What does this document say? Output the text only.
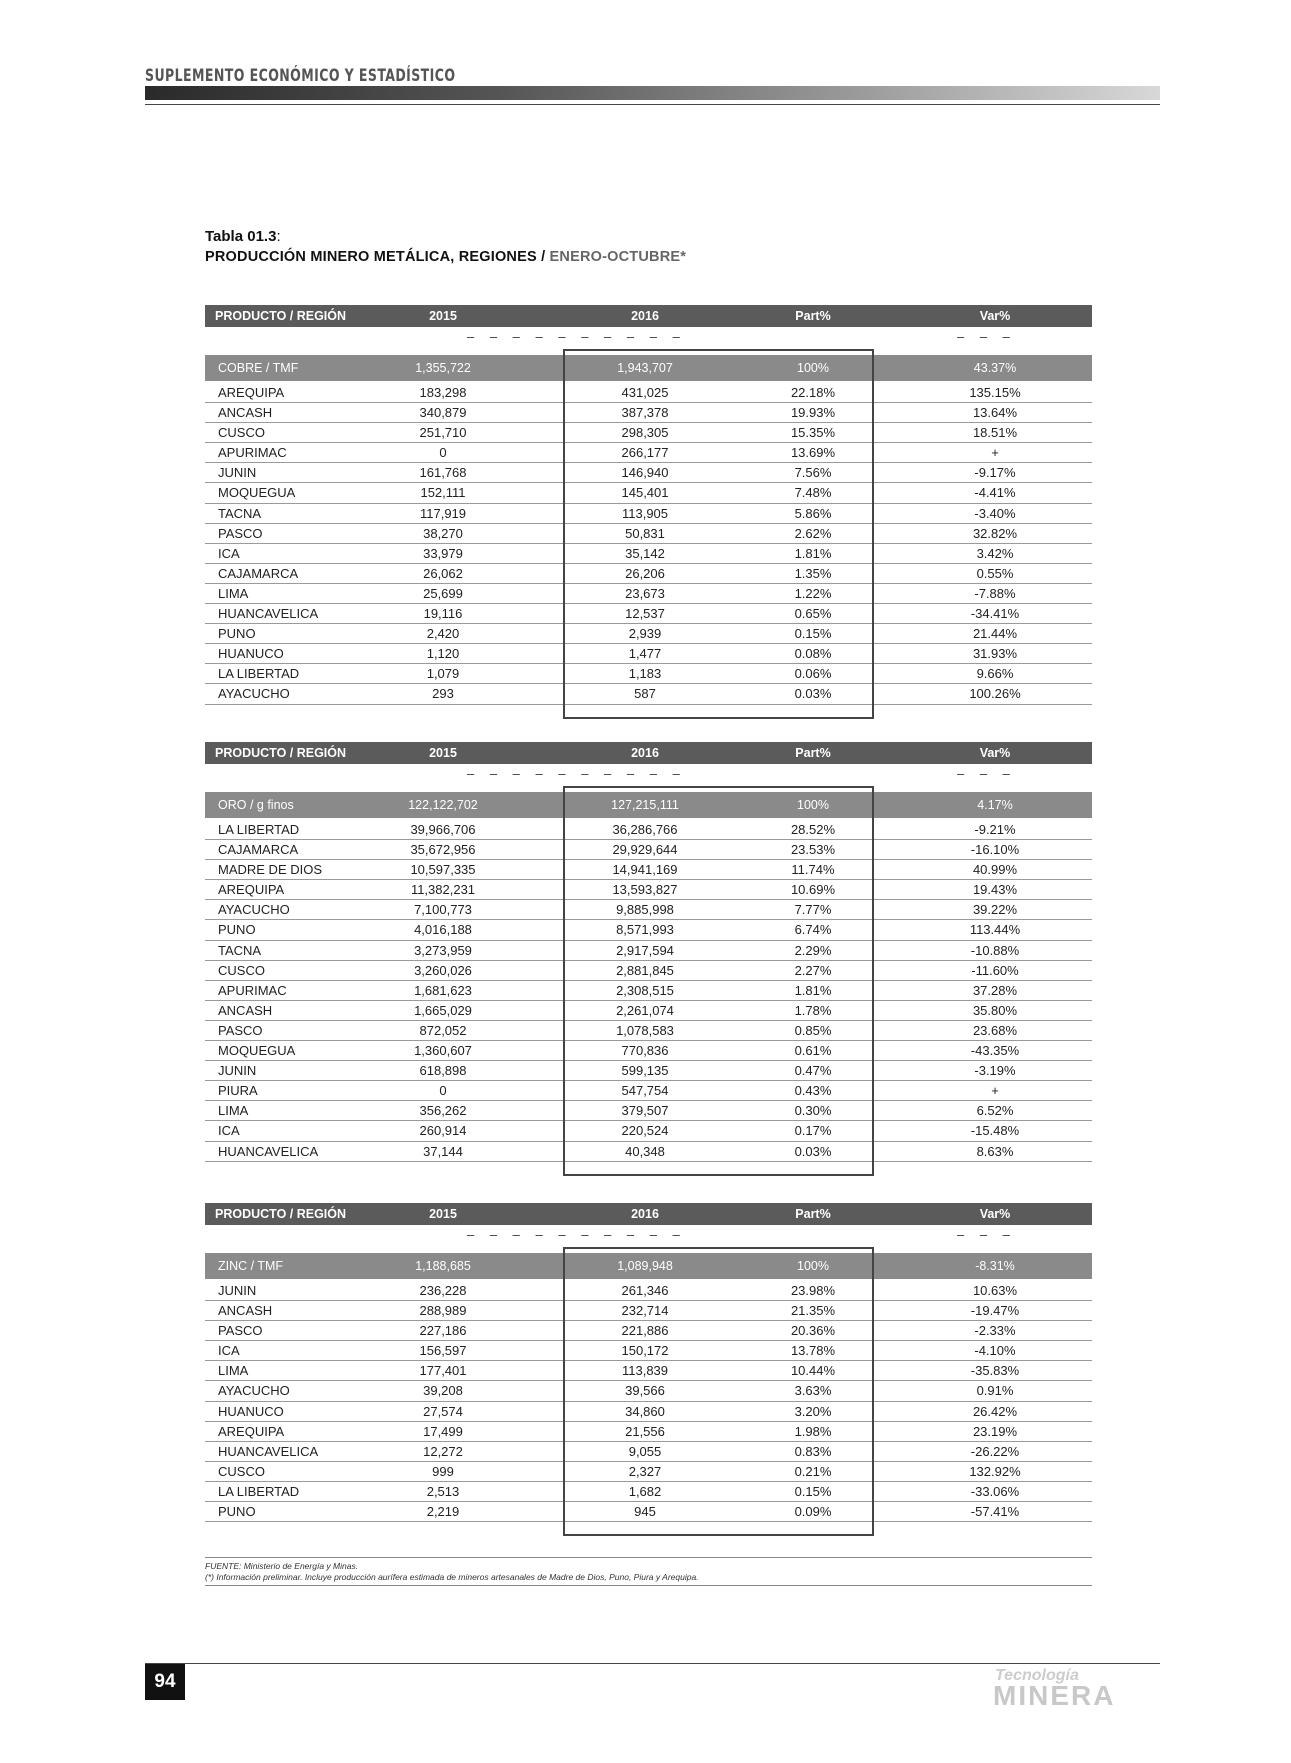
SUPLEMENTO ECONÓMICO Y ESTADÍSTICO
Tabla 01.3:
PRODUCCIÓN MINERO METÁLICA, REGIONES / ENERO-OCTUBRE*
PRODUCTO / REGIÓN	2015	2016	Part%	Var%
– – – – – – – – – –	– – –
COBRE / TMF	1,355,722	1,943,707	100%	43.37%
AREQUIPA	183,298	431,025	22.18%	135.15%
ANCASH	340,879	387,378	19.93%	13.64%
CUSCO	251,710	298,305	15.35%	18.51%
APURIMAC	0	266,177	13.69%	+
JUNIN	161,768	146,940	7.56%	-9.17%
MOQUEGUA	152,111	145,401	7.48%	-4.41%
TACNA	117,919	113,905	5.86%	-3.40%
PASCO	38,270	50,831	2.62%	32.82%
ICA	33,979	35,142	1.81%	3.42%
CAJAMARCA	26,062	26,206	1.35%	0.55%
LIMA	25,699	23,673	1.22%	-7.88%
HUANCAVELICA	19,116	12,537	0.65%	-34.41%
PUNO	2,420	2,939	0.15%	21.44%
HUANUCO	1,120	1,477	0.08%	31.93%
LA LIBERTAD	1,079	1,183	0.06%	9.66%
AYACUCHO	293	587	0.03%	100.26%
PRODUCTO / REGIÓN	2015	2016	Part%	Var%
– – – – – – – – – –	– – –
ORO / g finos	122,122,702	127,215,111	100%	4.17%
LA LIBERTAD	39,966,706	36,286,766	28.52%	-9.21%
CAJAMARCA	35,672,956	29,929,644	23.53%	-16.10%
MADRE DE DIOS	10,597,335	14,941,169	11.74%	40.99%
AREQUIPA	11,382,231	13,593,827	10.69%	19.43%
AYACUCHO	7,100,773	9,885,998	7.77%	39.22%
PUNO	4,016,188	8,571,993	6.74%	113.44%
TACNA	3,273,959	2,917,594	2.29%	-10.88%
CUSCO	3,260,026	2,881,845	2.27%	-11.60%
APURIMAC	1,681,623	2,308,515	1.81%	37.28%
ANCASH	1,665,029	2,261,074	1.78%	35.80%
PASCO	872,052	1,078,583	0.85%	23.68%
MOQUEGUA	1,360,607	770,836	0.61%	-43.35%
JUNIN	618,898	599,135	0.47%	-3.19%
PIURA	0	547,754	0.43%	+
LIMA	356,262	379,507	0.30%	6.52%
ICA	260,914	220,524	0.17%	-15.48%
HUANCAVELICA	37,144	40,348	0.03%	8.63%
PRODUCTO / REGIÓN	2015	2016	Part%	Var%
– – – – – – – – – –	– – –
ZINC / TMF	1,188,685	1,089,948	100%	-8.31%
JUNIN	236,228	261,346	23.98%	10.63%
ANCASH	288,989	232,714	21.35%	-19.47%
PASCO	227,186	221,886	20.36%	-2.33%
ICA	156,597	150,172	13.78%	-4.10%
LIMA	177,401	113,839	10.44%	-35.83%
AYACUCHO	39,208	39,566	3.63%	0.91%
HUANUCO	27,574	34,860	3.20%	26.42%
AREQUIPA	17,499	21,556	1.98%	23.19%
HUANCAVELICA	12,272	9,055	0.83%	-26.22%
CUSCO	999	2,327	0.21%	132.92%
LA LIBERTAD	2,513	1,682	0.15%	-33.06%
PUNO	2,219	945	0.09%	-57.41%
FUENTE: Ministerio de Energía y Minas.
(*) Información preliminar. Incluye producción aurífera estimada de mineros artesanales de Madre de Dios, Puno, Piura y Arequipa.
94	Tecnología
MINERA
